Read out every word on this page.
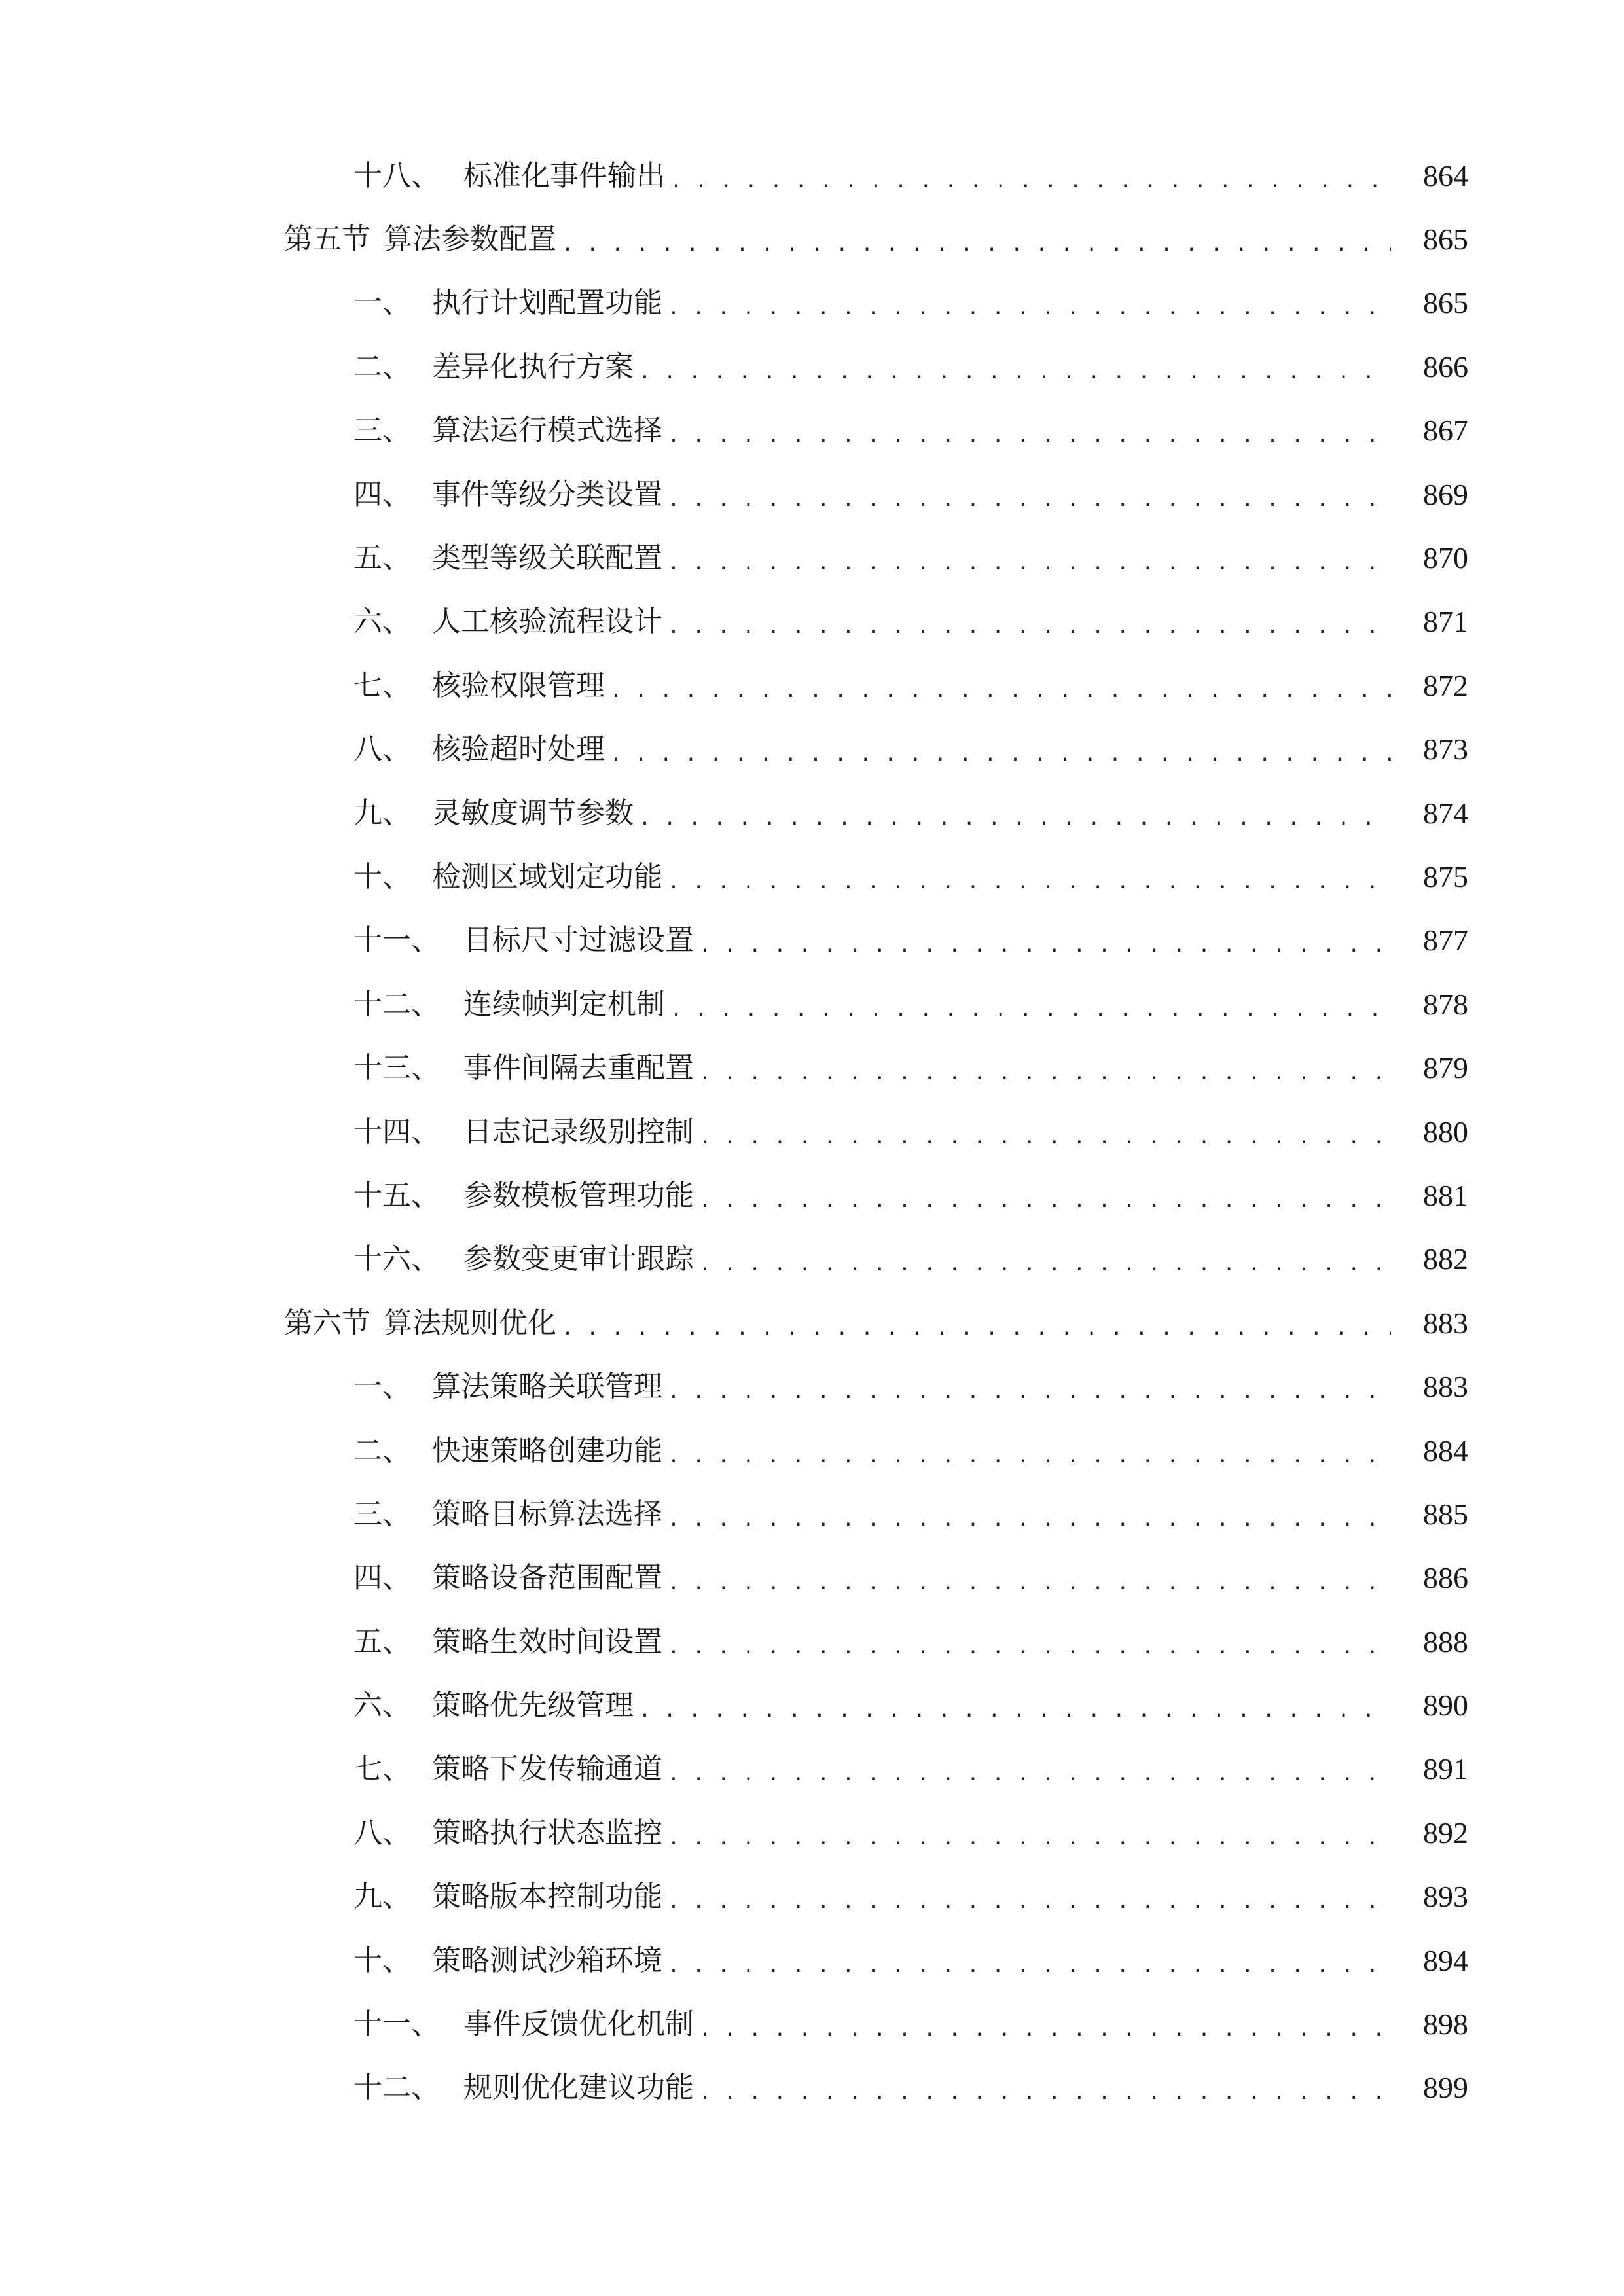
十八、 标准化事件输出 . . .	864
第五节 算法参数配置 . . .	865
一、 执行计划配置功能 . . .	865
二、 差异化执行方案 . . .	866
三、 算法运行模式选择 . . .	867
四、 事件等级分类设置 . . .	869
五、 类型等级关联配置 . . .	870
六、 人工核验流程设计 . . .	871
七、 核验权限管理 . . .	872
八、 核验超时处理 . . .	873
九、 灵敏度调节参数 . . .	874
十、 检测区域划定功能 . . .	875
十一、 目标尺寸过滤设置 . . .	877
十二、 连续帧判定机制 . . .	878
十三、 事件间隔去重配置 . . .	879
十四、 日志记录级别控制 . . .	880
十五、 参数模板管理功能 . . .	881
十六、 参数变更审计跟踪 . . .	882
第六节 算法规则优化 . . .	883
一、 算法策略关联管理 . . .	883
二、 快速策略创建功能 . . .	884
三、 策略目标算法选择 . . .	885
四、 策略设备范围配置 . . .	886
五、 策略生效时间设置 . . .	888
六、 策略优先级管理 . . .	890
七、 策略下发传输通道 . . .	891
八、 策略执行状态监控 . . .	892
九、 策略版本控制功能 . . .	893
十、 策略测试沙箱环境 . . .	894
十一、 事件反馈优化机制 . . .	898
十二、 规则优化建议功能 . . .	899
